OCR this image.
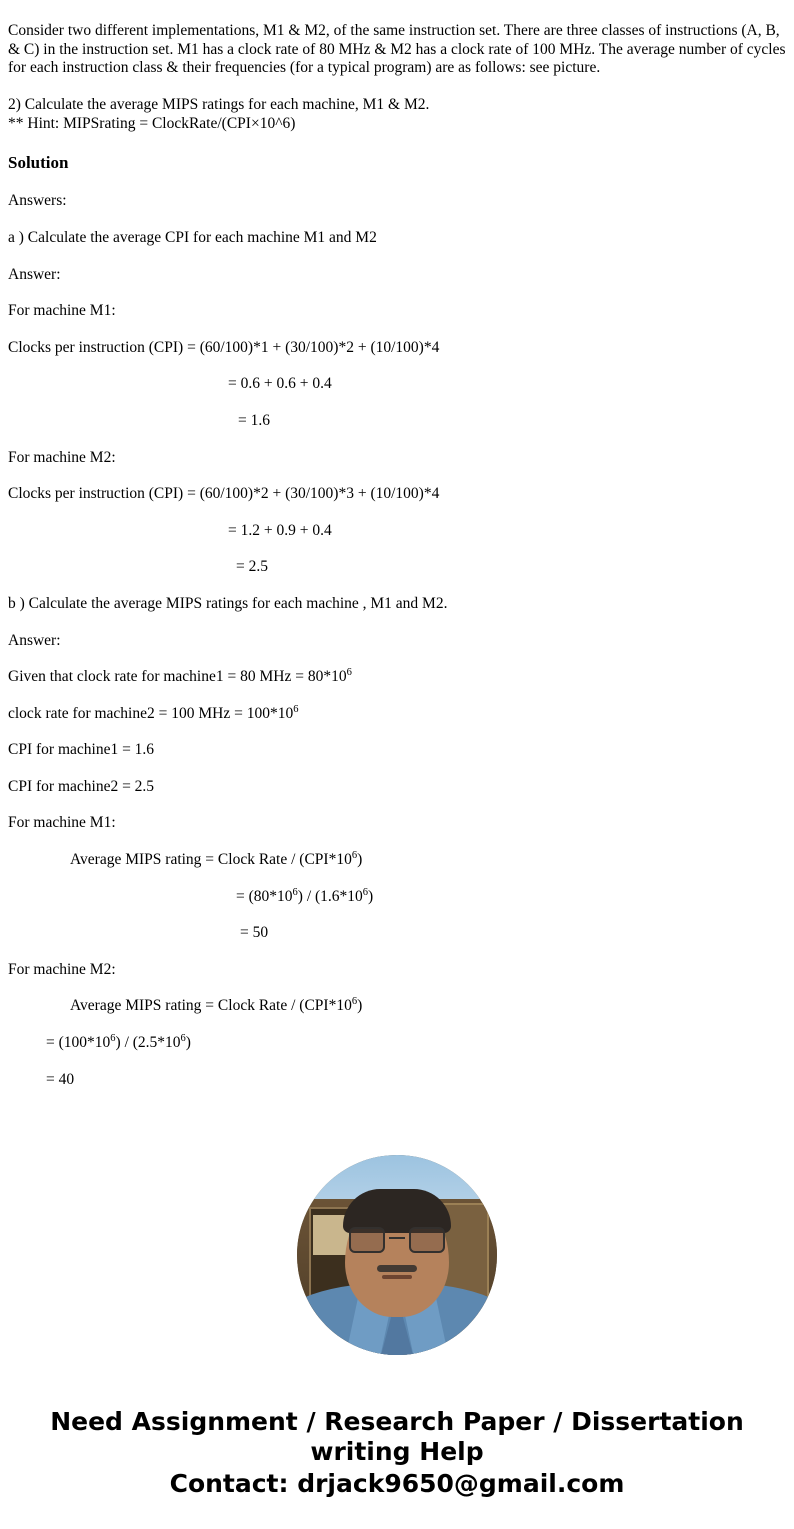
Consider two different implementations, M1 & M2, of the same instruction set. There are three classes of instructions (A, B, & C) in the instruction set. M1 has a clock rate of 80 MHz & M2 has a clock rate of 100 MHz. The average number of cycles for each instruction class & their frequencies (for a typical program) are as follows: see picture.

2) Calculate the average MIPS ratings for each machine, M1 & M2.

** Hint: MIPSrating = ClockRate/(CPI×10^6)

Solution

Answers:

a ) Calculate the average CPI for each machine M1 and M2

Answer:

For machine M1:

Clocks per instruction (CPI) = (60/100)*1 + (30/100)*2 + (10/100)*4

= 0.6 + 0.6 + 0.4

= 1.6

For machine M2:

Clocks per instruction (CPI) = (60/100)*2 + (30/100)*3 + (10/100)*4

= 1.2 + 0.9 + 0.4

= 2.5

b ) Calculate the average MIPS ratings for each machine , M1 and M2.

Answer:

Given that clock rate for machine1 = 80 MHz = $80*10^6$

clock rate for machine2 = 100 MHz = $100*10^6$

CPI for machine1 = 1.6

CPI for machine2 = 2.5

For machine M1:

Average MIPS rating = Clock Rate / $(CPI*10^6)$

= $(80*10^6) / (1.6*10^6)$

= 50

For machine M2:

Average MIPS rating = Clock Rate / $(CPI*10^6)$

= $(100*10^6) / (2.5*10^6)$

= 40

Need Assignment / Research Paper / Dissertation
writing Help
Contact: drjack9650@gmail.com
